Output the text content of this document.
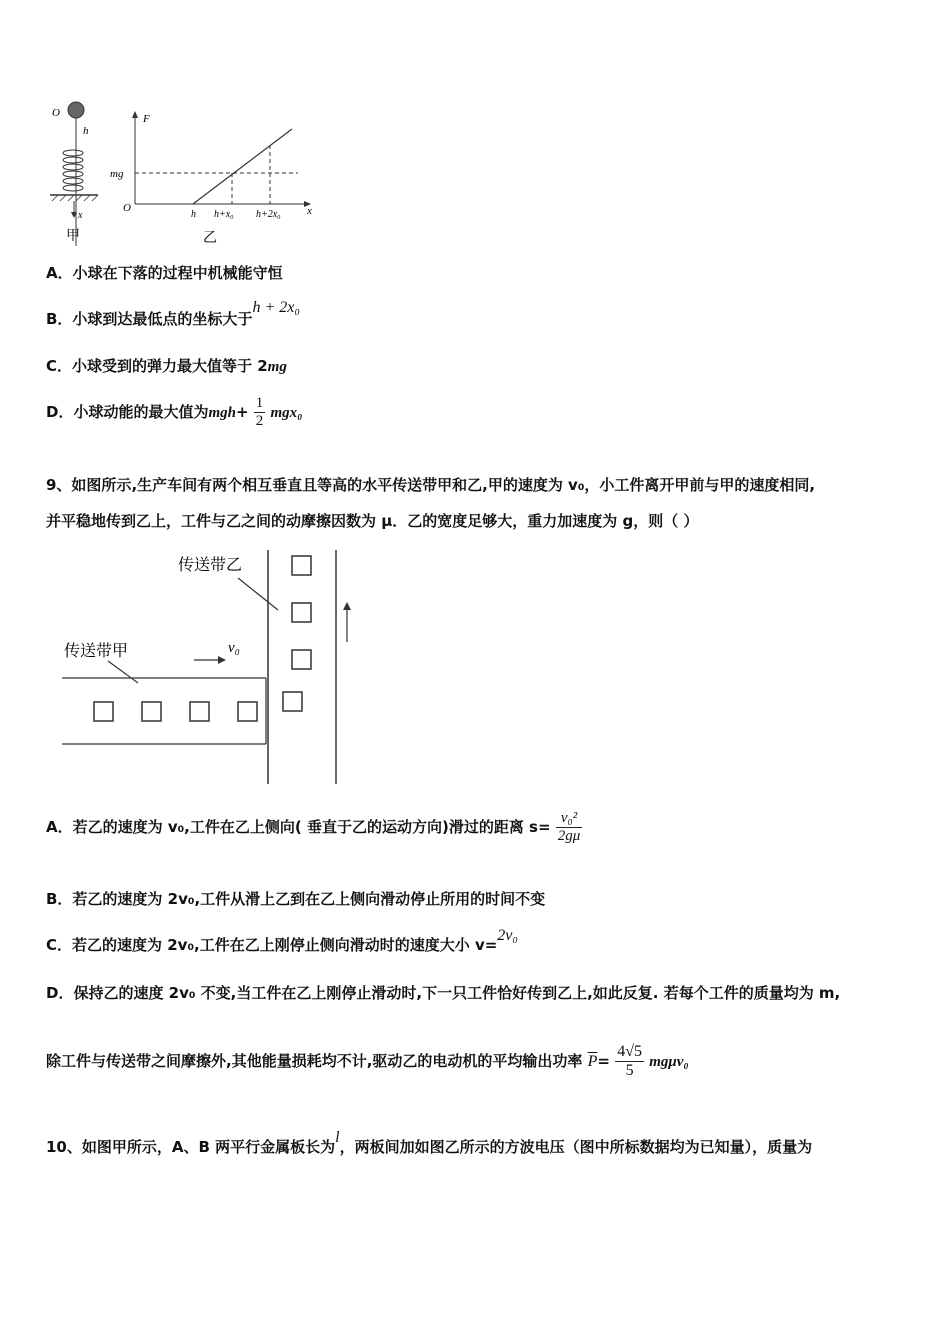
O
h
x
甲
F
x
O
mg
h h+x₀ h+2x₀
乙
A．小球在下落的过程中机械能守恒
B．小球到达最低点的坐标大于h + 2x₀
C．小球受到的弹力最大值等于 2mg
D．小球动能的最大值为$mgh+ \frac{1}{2} mgx_0$
9、如图所示,生产车间有两个相互垂直且等高的水平传送带甲和乙,甲的速度为 v₀，小工件离开甲前与甲的速度相同,
并平稳地传到乙上，工件与乙之间的动摩擦因数为 μ．乙的宽度足够大，重力加速度为 g，则（ ）
传送带乙
传送带甲	v₀
A．若乙的速度为 v₀,工件在乙上侧向( 垂直于乙的运动方向)滑过的距离 $s= \frac{\text{v₀²}}{2g\mu}$
B．若乙的速度为 2v₀,工件从滑上乙到在乙上侧向滑动停止所用的时间不变
C．若乙的速度为 2v₀,工件在乙上刚停止侧向滑动时的速度大小 v=2v₀
D．保持乙的速度 2v₀ 不变,当工件在乙上刚停止滑动时,下一只工件恰好传到乙上,如此反复. 若每个工件的质量均为 m,
除工件与传送带之间摩擦外,其他能量损耗均不计,驱动乙的电动机的平均输出功率 $\overline{P}= \frac{4√5}{5} mg\mu v_0$
10、如图甲所示，A、B 两平行金属板长为l，两板间加如图乙所示的方波电压（图中所标数据均为已知量），质量为
